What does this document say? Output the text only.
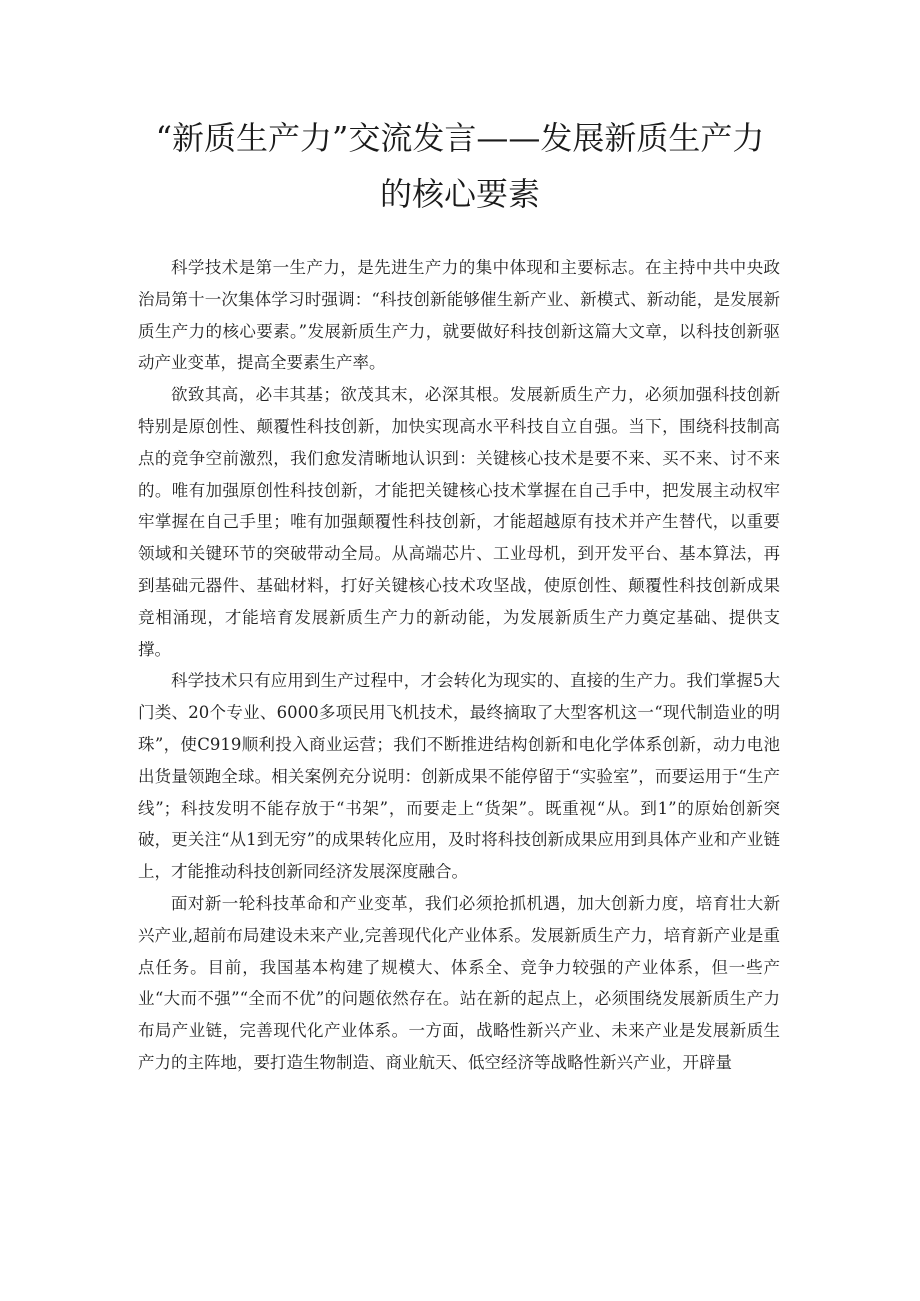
“新质生产力”交流发言——发展新质生产力的核心要素

科学技术是第一生产力，是先进生产力的集中体现和主要标志。在主持中共中央政治局第十一次集体学习时强调：“科技创新能够催生新产业、新模式、新动能，是发展新质生产力的核心要素。”发展新质生产力，就要做好科技创新这篇大文章，以科技创新驱动产业变革，提高全要素生产率。

欲致其高，必丰其基；欲茂其末，必深其根。发展新质生产力，必须加强科技创新特别是原创性、颠覆性科技创新，加快实现高水平科技自立自强。当下，围绕科技制高点的竞争空前激烈，我们愈发清晰地认识到：关键核心技术是要不来、买不来、讨不来的。唯有加强原创性科技创新，才能把关键核心技术掌握在自己手中，把发展主动权牢牢掌握在自己手里；唯有加强颠覆性科技创新，才能超越原有技术并产生替代，以重要领域和关键环节的突破带动全局。从高端芯片、工业母机，到开发平台、基本算法，再到基础元器件、基础材料，打好关键核心技术攻坚战，使原创性、颠覆性科技创新成果竞相涌现，才能培育发展新质生产力的新动能，为发展新质生产力奠定基础、提供支撑。

科学技术只有应用到生产过程中，才会转化为现实的、直接的生产力。我们掌握5大门类、20个专业、6000多项民用飞机技术，最终摘取了大型客机这一“现代制造业的明珠”，使C919顺利投入商业运营；我们不断推进结构创新和电化学体系创新，动力电池出货量领跑全球。相关案例充分说明：创新成果不能停留于“实验室”，而要运用于“生产线”；科技发明不能存放于“书架”，而要走上“货架”。既重视“从。到1”的原始创新突破，更关注“从1到无穷”的成果转化应用，及时将科技创新成果应用到具体产业和产业链上，才能推动科技创新同经济发展深度融合。

面对新一轮科技革命和产业变革，我们必须抢抓机遇，加大创新力度，培育壮大新兴产业,超前布局建设未来产业,完善现代化产业体系。发展新质生产力，培育新产业是重点任务。目前，我国基本构建了规模大、体系全、竞争力较强的产业体系，但一些产业“大而不强”“全而不优”的问题依然存在。站在新的起点上，必须围绕发展新质生产力布局产业链，完善现代化产业体系。一方面，战略性新兴产业、未来产业是发展新质生产力的主阵地，要打造生物制造、商业航天、低空经济等战略性新兴产业，开辟量
